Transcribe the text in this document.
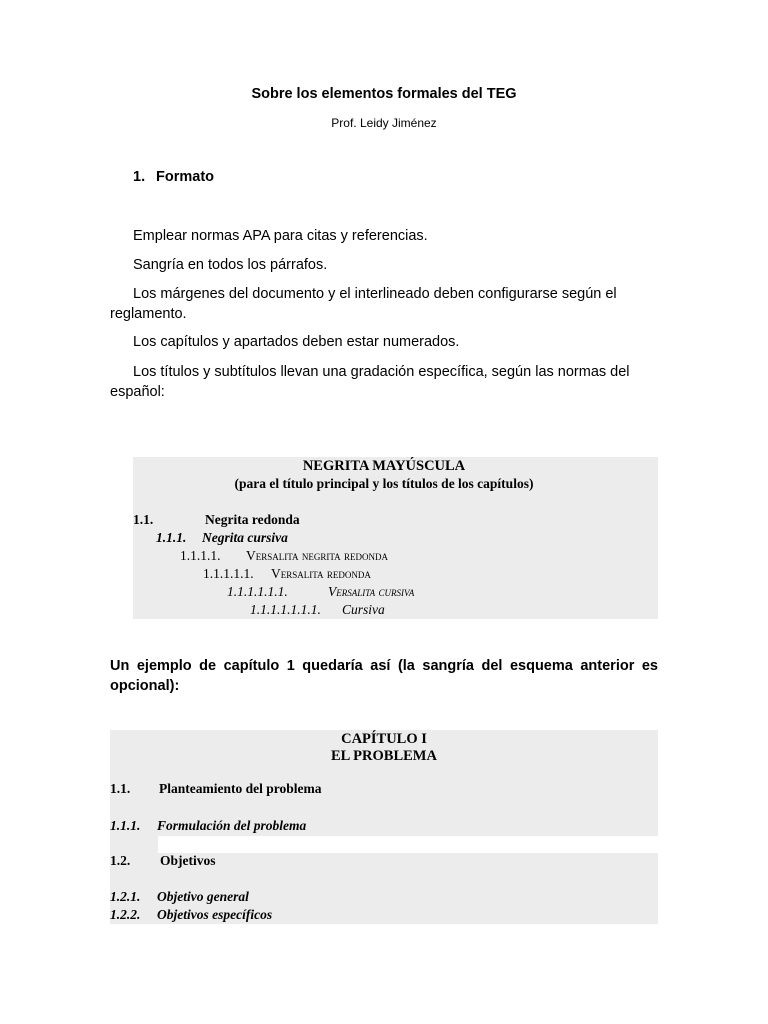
Sobre los elementos formales del TEG
Prof. Leidy Jiménez
1. Formato
Emplear normas APA para citas y referencias.
Sangría en todos los párrafos.
Los márgenes del documento y el interlineado deben configurarse según el reglamento.
Los capítulos y apartados deben estar numerados.
Los títulos y subtítulos llevan una gradación específica, según las normas del español:
NEGRITA MAYÚSCULA
(para el título principal y los títulos de los capítulos)
1.1.	Negrita redonda
1.1.1. Negrita cursiva
1.1.1.1. Versalita negrita redonda
1.1.1.1.1. Versalita redonda
1.1.1.1.1.1.	Versalita cursiva
1.1.1.1.1.1.1. Cursiva
Un ejemplo de capítulo 1 quedaría así (la sangría del esquema anterior es opcional):
CAPÍTULO I
EL PROBLEMA
1.1. Planteamiento del problema
1.1.1. Formulación del problema
1.2. Objetivos
1.2.1. Objetivo general
1.2.2. Objetivos específicos
